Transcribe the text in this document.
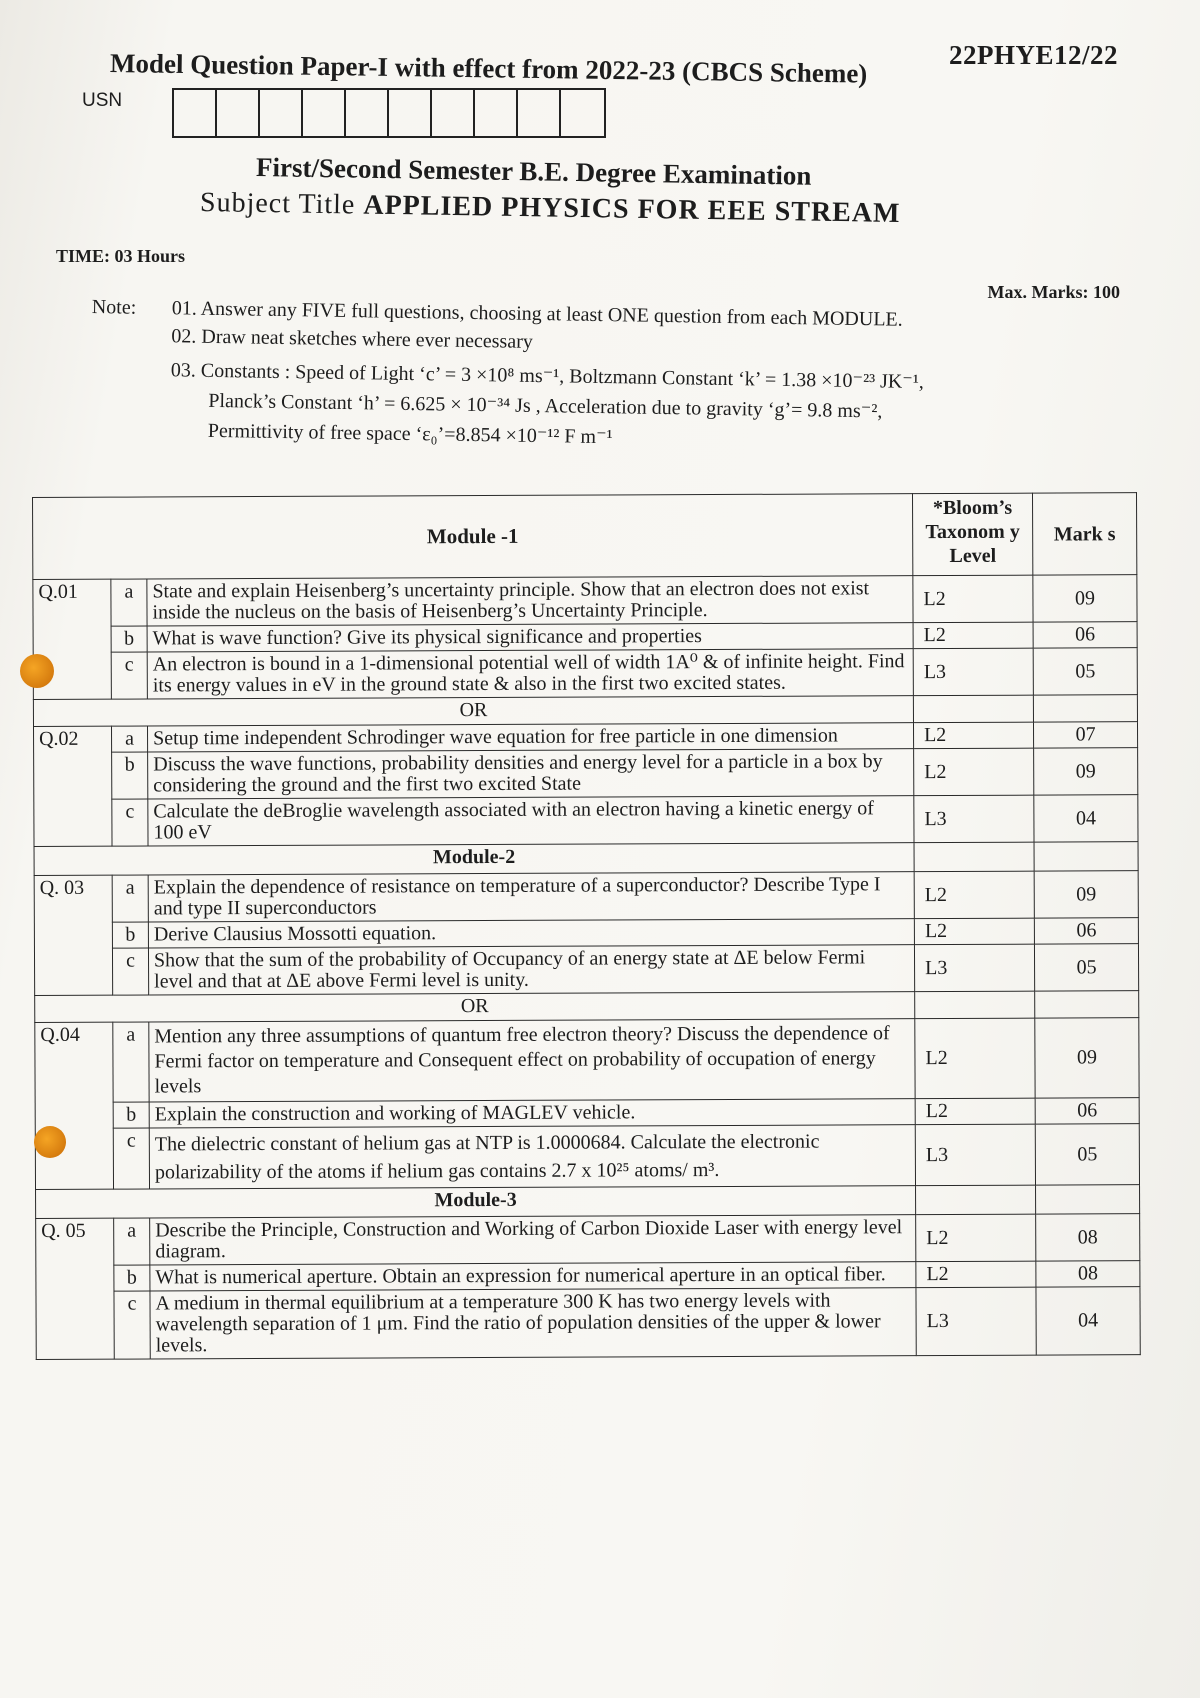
22PHYE12/22
Model Question Paper-I with effect from 2022-23 (CBCS Scheme)
USN
First/Second Semester B.E. Degree Examination
Subject Title APPLIED PHYSICS FOR EEE STREAM
TIME: 03 Hours
Max. Marks: 100
Note: 01. Answer any FIVE full questions, choosing at least ONE question from each MODULE.
02. Draw neat sketches where ever necessary
03. Constants : Speed of Light ‘c’ = 3 ×10⁸ ms⁻¹, Boltzmann Constant ‘k’ = 1.38 ×10⁻²³ JK⁻¹,
Planck’s Constant ‘h’ = 6.625 × 10⁻³⁴ Js , Acceleration due to gravity ‘g’= 9.8 ms⁻²,
Permittivity of free space ‘ε₀’=8.854 ×10⁻¹² F m⁻¹
Module -1			*Bloom’s Taxonom y Level	Mark s
Q.01	a	State and explain Heisenberg’s uncertainty principle. Show that an electron does not exist inside the nucleus on the basis of Heisenberg’s Uncertainty Principle.	L2	09
	b	What is wave function? Give its physical significance and properties	L2	06
	c	An electron is bound in a 1-dimensional potential well of width 1A⁰ & of infinite height. Find its energy values in eV in the ground state & also in the first two excited states.	L3	05
OR				
Q.02	a	Setup time independent Schrodinger wave equation for free particle in one dimension	L2	07
	b	Discuss the wave functions, probability densities and energy level for a particle in a box by considering the ground and the first two excited State	L2	09
	c	Calculate the deBroglie wavelength associated with an electron having a kinetic energy of 100 eV	L3	04
Module-2				
Q. 03	a	Explain the dependence of resistance on temperature of a superconductor? Describe Type I and type II superconductors	L2	09
	b	Derive Clausius Mossotti equation.	L2	06
	c	Show that the sum of the probability of Occupancy of an energy state at ΔE below Fermi level and that at ΔE above Fermi level is unity.	L3	05
OR				
Q.04	a	Mention any three assumptions of quantum free electron theory? Discuss the dependence of Fermi factor on temperature and Consequent effect on probability of occupation of energy levels	L2	09
	b	Explain the construction and working of MAGLEV vehicle.	L2	06
	c	The dielectric constant of helium gas at NTP is 1.0000684. Calculate the electronic polarizability of the atoms if helium gas contains 2.7 x 10²⁵ atoms/ m³.	L3	05
Module-3				
Q. 05	a	Describe the Principle, Construction and Working of Carbon Dioxide Laser with energy level diagram.	L2	08
	b	What is numerical aperture. Obtain an expression for numerical aperture in an optical fiber.	L2	08
	c	A medium in thermal equilibrium at a temperature 300 K has two energy levels with wavelength separation of 1 μm. Find the ratio of population densities of the upper & lower levels.	L3	04
